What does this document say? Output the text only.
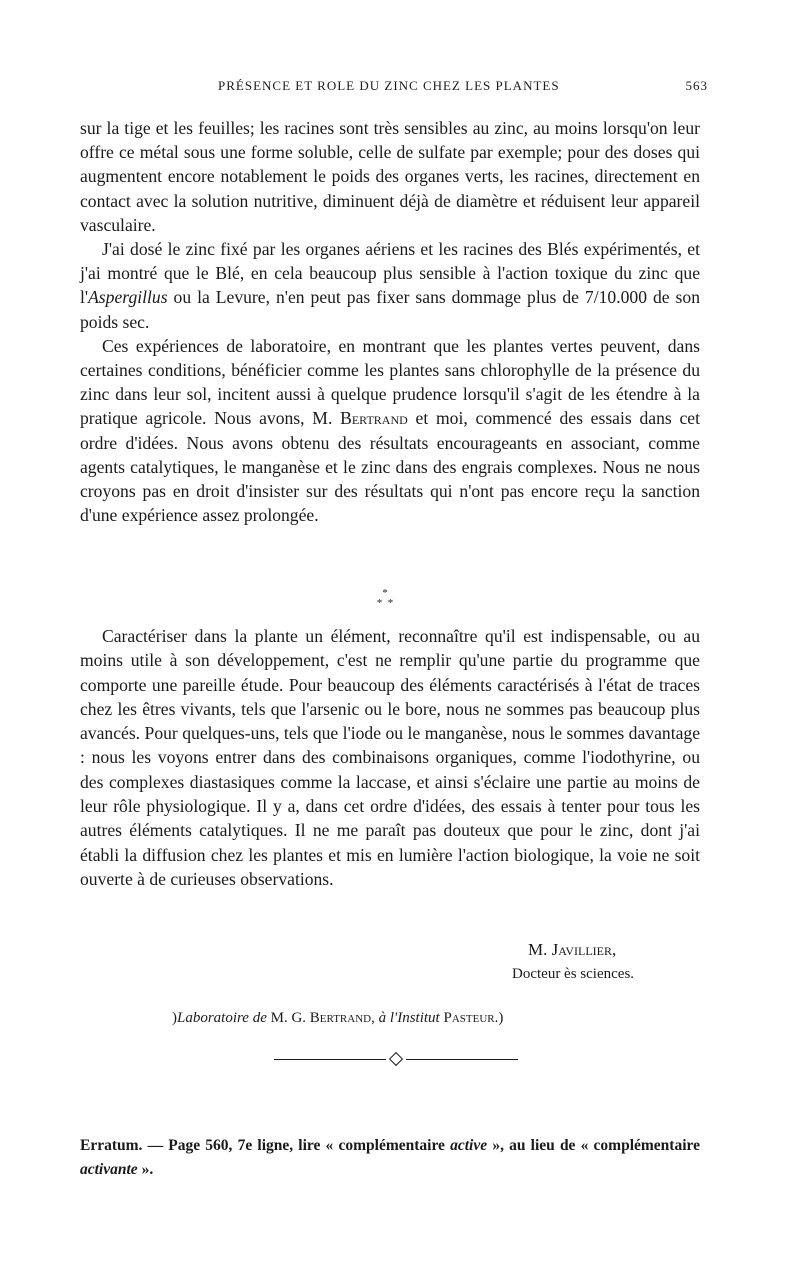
PRÉSENCE ET ROLE DU ZINC CHEZ LES PLANTES	563

sur la tige et les feuilles; les racines sont très sensibles au zinc, au moins lorsqu'on leur offre ce métal sous une forme soluble, celle de sulfate par exemple; pour des doses qui augmentent encore notablement le poids des organes verts, les racines, directement en contact avec la solution nutritive, diminuent déjà de diamètre et réduisent leur appareil vasculaire.

J'ai dosé le zinc fixé par les organes aériens et les racines des Blés expérimentés, et j'ai montré que le Blé, en cela beaucoup plus sensible à l'action toxique du zinc que l'Aspergillus ou la Levure, n'en peut pas fixer sans dommage plus de 7/10.000 de son poids sec.

Ces expériences de laboratoire, en montrant que les plantes vertes peuvent, dans certaines conditions, bénéficier comme les plantes sans chlorophylle de la présence du zinc dans leur sol, incitent aussi à quelque prudence lorsqu'il s'agit de les étendre à la pratique agricole. Nous avons, M. Bertrand et moi, commencé des essais dans cet ordre d'idées. Nous avons obtenu des résultats encourageants en associant, comme agents catalytiques, le manganèse et le zinc dans des engrais complexes. Nous ne nous croyons pas en droit d'insister sur des résultats qui n'ont pas encore reçu la sanction d'une expérience assez prolongée.

*
* *

Caractériser dans la plante un élément, reconnaître qu'il est indispensable, ou au moins utile à son développement, c'est ne remplir qu'une partie du programme que comporte une pareille étude. Pour beaucoup des éléments caractérisés à l'état de traces chez les êtres vivants, tels que l'arsenic ou le bore, nous ne sommes pas beaucoup plus avancés. Pour quelques-uns, tels que l'iode ou le manganèse, nous le sommes davantage : nous les voyons entrer dans des combinaisons organiques, comme l'iodothyrine, ou des complexes diastasiques comme la laccase, et ainsi s'éclaire une partie au moins de leur rôle physiologique. Il y a, dans cet ordre d'idées, des essais à tenter pour tous les autres éléments catalytiques. Il ne me paraît pas douteux que pour le zinc, dont j'ai établi la diffusion chez les plantes et mis en lumière l'action biologique, la voie ne soit ouverte à de curieuses observations.

M. Javillier,
Docteur ès sciences.
)Laboratoire de M. G. Bertrand, à l'Institut Pasteur.)
Erratum. — Page 560, 7e ligne, lire « complémentaire active », au lieu de « complémentaire activante ».
